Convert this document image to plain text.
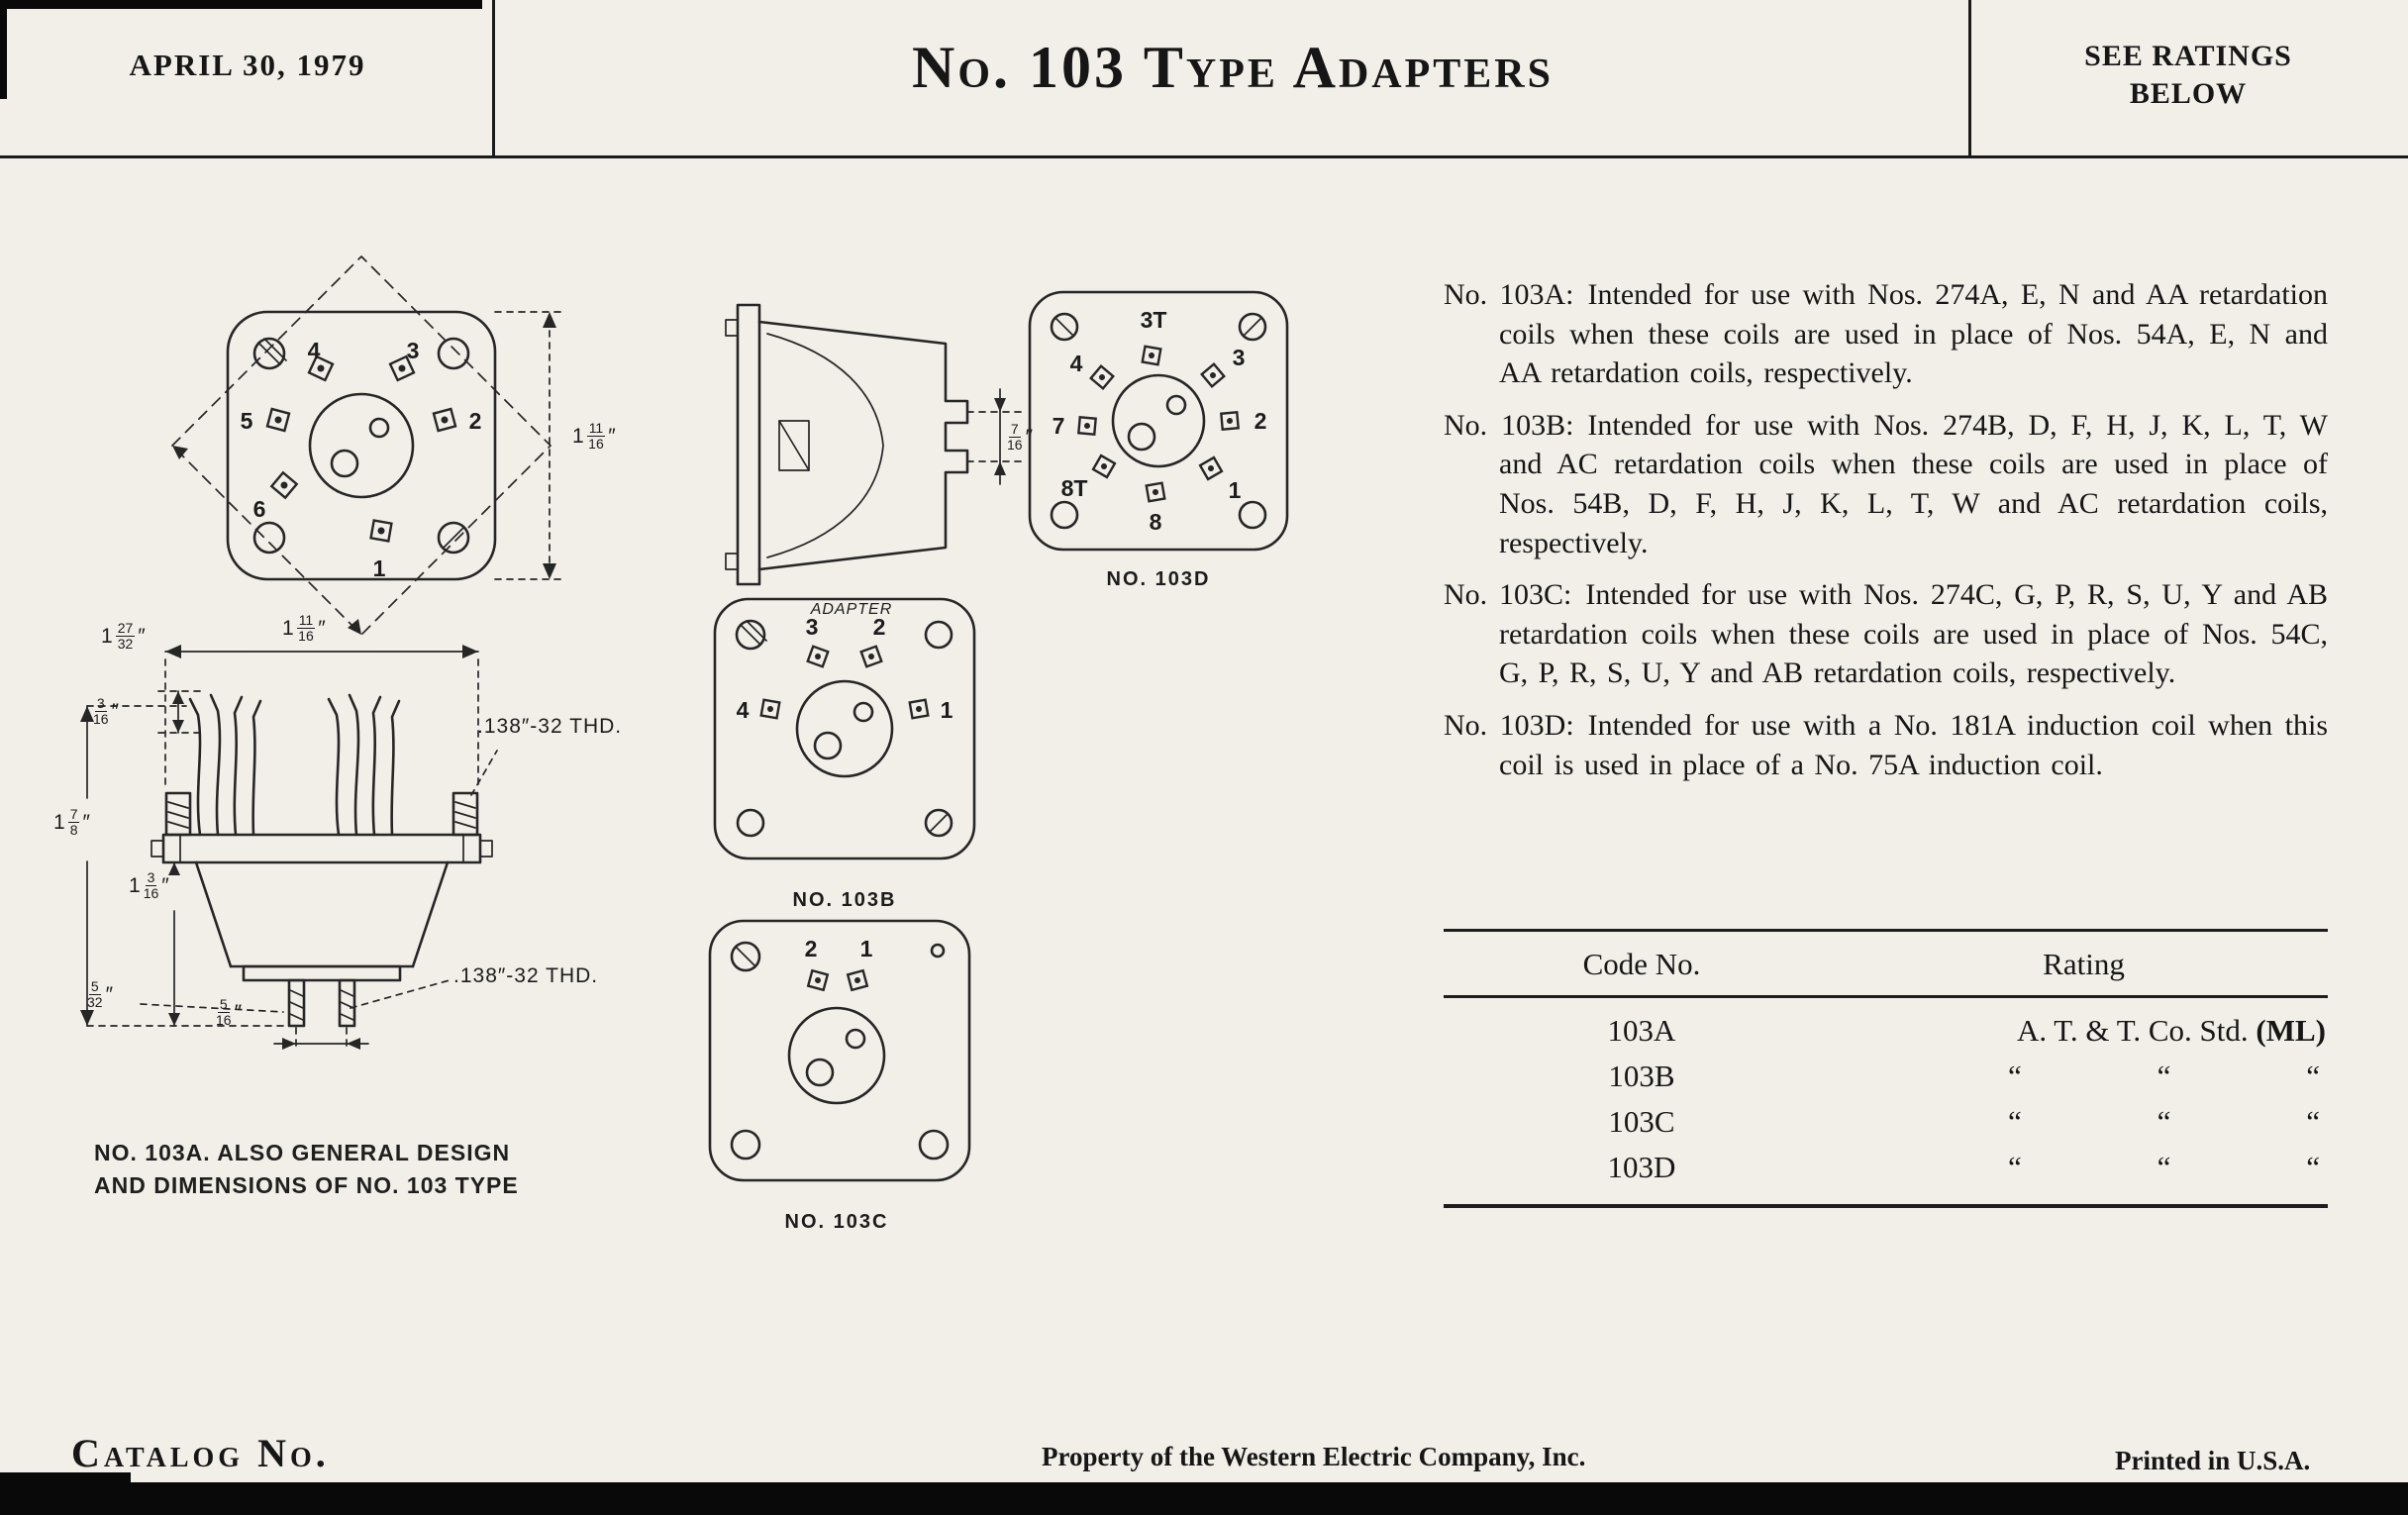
APRIL 30, 1979	No. 103 Type Adapters	SEE RATINGS
BELOW
4	3
5	2
6
1
$1 \frac{11}{16}$ ″
$1 \frac{27}{32}$ ″	$1 \frac{11}{16}$ ″
$\frac{3}{16}$ ″
$1 \frac{7}{8}$ ″
$1 \frac{3}{16}$ ″
$\frac{5}{32}$ ″
$\frac{5}{16}$ ″
.138″-32 THD.
.138″-32 THD.
NO. 103A. ALSO GENERAL DESIGN
AND DIMENSIONS OF NO. 103 TYPE
ADAPTER
$\frac{7}{16}$ ″
3T
4	3
7	2
8T
8
1
NO. 103D
3 2
4	1
NO. 103B
2 1
NO. 103C

No. 103A: Intended for use with Nos. 274A, E, N and AA retardation coils when these coils are used in place of Nos. 54A, E, N and AA retardation coils, respectively.

No. 103B: Intended for use with Nos. 274B, D, F, H, J, K, L, T, W and AC retardation coils when these coils are used in place of Nos. 54B, D, F, H, J, K, L, T, W and AC retardation coils, respectively.

No. 103C: Intended for use with Nos. 274C, G, P, R, S, U, Y and AB retardation coils when these coils are used in place of Nos. 54C, G, P, R, S, U, Y and AB retardation coils, respectively.

No. 103D: Intended for use with a No. 181A induction coil when this coil is used in place of a No. 75A induction coil.

Code No.	Rating
103A	A. T. & T. Co. Std. (ML)
103B	“	“	“
103C	“	“	“
103D	“	“	“
Catalog No.	Property of the Western Electric Company, Inc.	Printed in U.S.A.
